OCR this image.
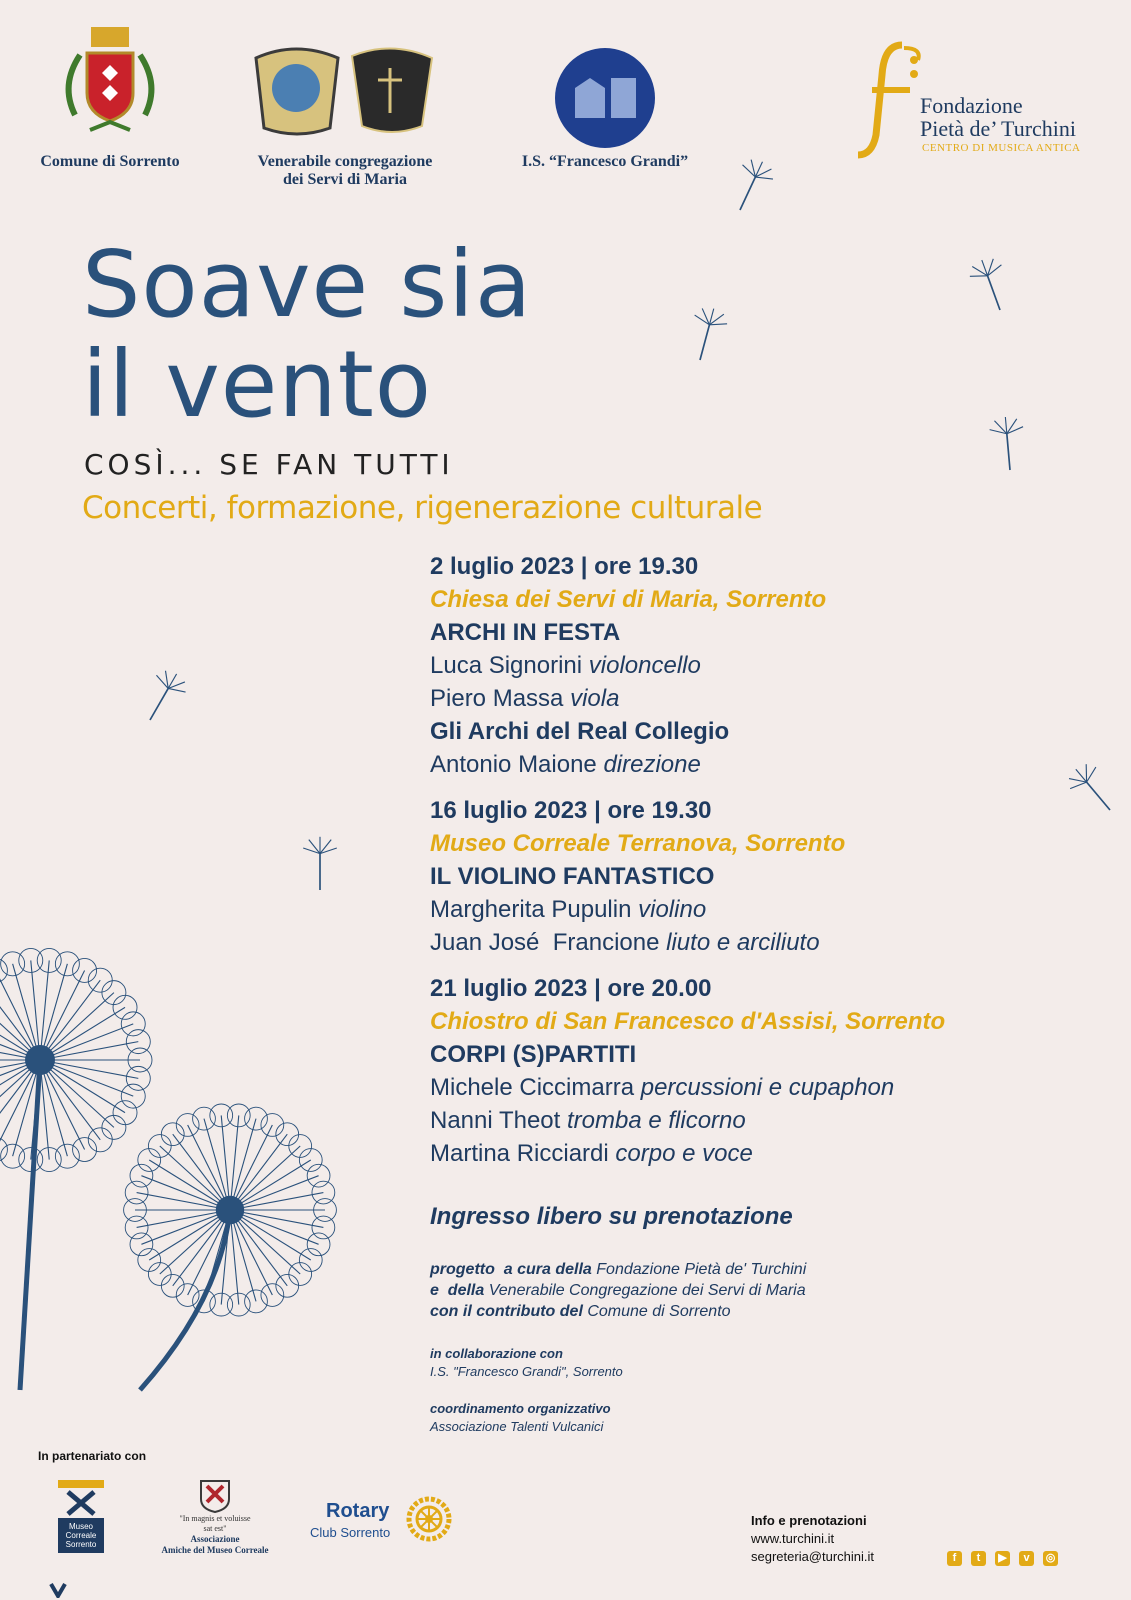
Comune di Sorrento	Venerabile congregazione
dei Servi di Maria
I.S. “Francesco Grandi”
Fondazione
Pietà de’ Turchini
CENTRO DI MUSICA ANTICA
Soave sia
il vento
COSÌ... SE FAN TUTTI
Concerti, formazione, rigenerazione culturale
2 luglio 2023 | ore 19.30
Chiesa dei Servi di Maria, Sorrento
ARCHI IN FESTA
Luca Signorini violoncello
Piero Massa viola
Gli Archi del Real Collegio
Antonio Maione direzione
16 luglio 2023 | ore 19.30
Museo Correale Terranova, Sorrento
IL VIOLINO FANTASTICO
Margherita Pupulin violino
Juan José  Francione liuto e arciliuto
21 luglio 2023 | ore 20.00
Chiostro di San Francesco d'Assisi, Sorrento
CORPI (S)PARTITI
Michele Ciccimarra percussioni e cupaphon
Nanni Theot tromba e flicorno
Martina Ricciardi corpo e voce
Ingresso libero su prenotazione
progetto  a cura della Fondazione Pietà de' Turchini
e  della Venerabile Congregazione dei Servi di Maria
con il contributo del Comune di Sorrento
in collaborazione con
I.S. "Francesco Grandi", Sorrento
coordinamento organizzativo
Associazione Talenti Vulcanici
In partenariato con
Museo
Correale
Sorrento
"In magnis et voluisse sat est"
Associazione
Amiche del Museo Correale
Rotary
Club Sorrento
Info e prenotazioni
www.turchini.it
segreteria@turchini.it	f t ▶ v ◎
